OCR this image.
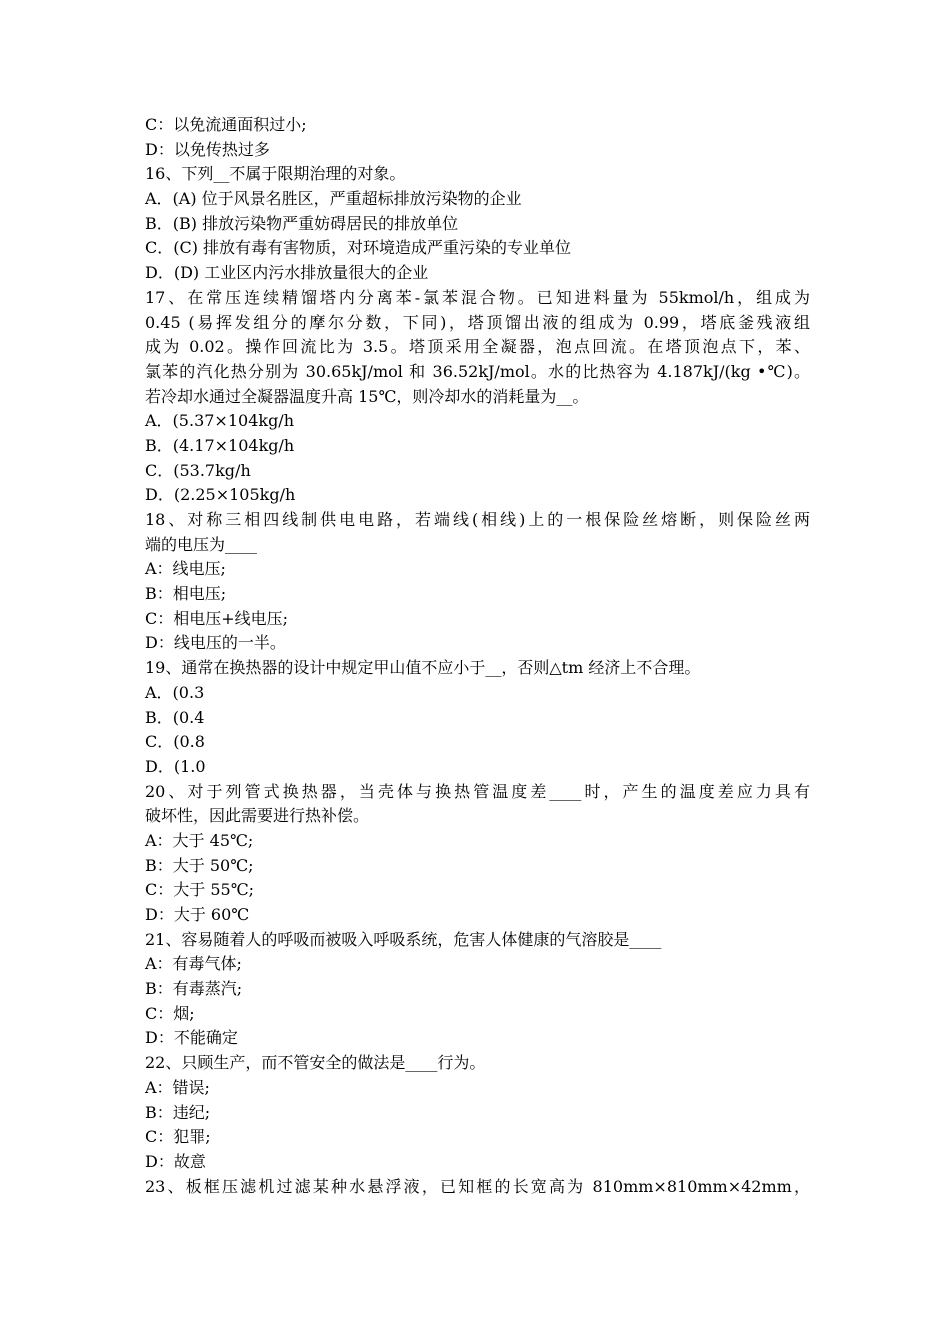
C：以免流通面积过小;
D：以免传热过多
16、下列__不属于限期治理的对象。
A．(A) 位于风景名胜区，严重超标排放污染物的企业
B．(B) 排放污染物严重妨碍居民的排放单位
C．(C) 排放有毒有害物质，对环境造成严重污染的专业单位
D．(D) 工业区内污水排放量很大的企业
17、在常压连续精馏塔内分离苯-氯苯混合物。已知进料量为 55kmol/h，组成为
0.45 (易挥发组分的摩尔分数，下同)，塔顶馏出液的组成为 0.99，塔底釜残液组
成为 0.02。操作回流比为 3.5。塔顶采用全凝器，泡点回流。在塔顶泡点下，苯、
氯苯的汽化热分别为 30.65kJ/mol 和 36.52kJ/mol。水的比热容为 4.187kJ/(kg •℃)。
若冷却水通过全凝器温度升高 15℃，则冷却水的消耗量为__。
A．(5.37×104kg/h
B．(4.17×104kg/h
C．(53.7kg/h
D．(2.25×105kg/h
18、对称三相四线制供电电路，若端线(相线)上的一根保险丝熔断，则保险丝两
端的电压为____
A：线电压;
B：相电压;
C：相电压+线电压;
D：线电压的一半。
19、通常在换热器的设计中规定甲山值不应小于__，否则△tm 经济上不合理。
A．(0.3
B．(0.4
C．(0.8
D．(1.0
20、对于列管式换热器，当壳体与换热管温度差____时，产生的温度差应力具有
破坏性，因此需要进行热补偿。
A：大于 45℃;
B：大于 50℃;
C：大于 55℃;
D：大于 60℃
21、容易随着人的呼吸而被吸入呼吸系统，危害人体健康的气溶胶是____
A：有毒气体;
B：有毒蒸汽;
C：烟;
D：不能确定
22、只顾生产，而不管安全的做法是____行为。
A：错误;
B：违纪;
C：犯罪;
D：故意
23、板框压滤机过滤某种水悬浮液，已知框的长宽高为 810mm×810mm×42mm，
